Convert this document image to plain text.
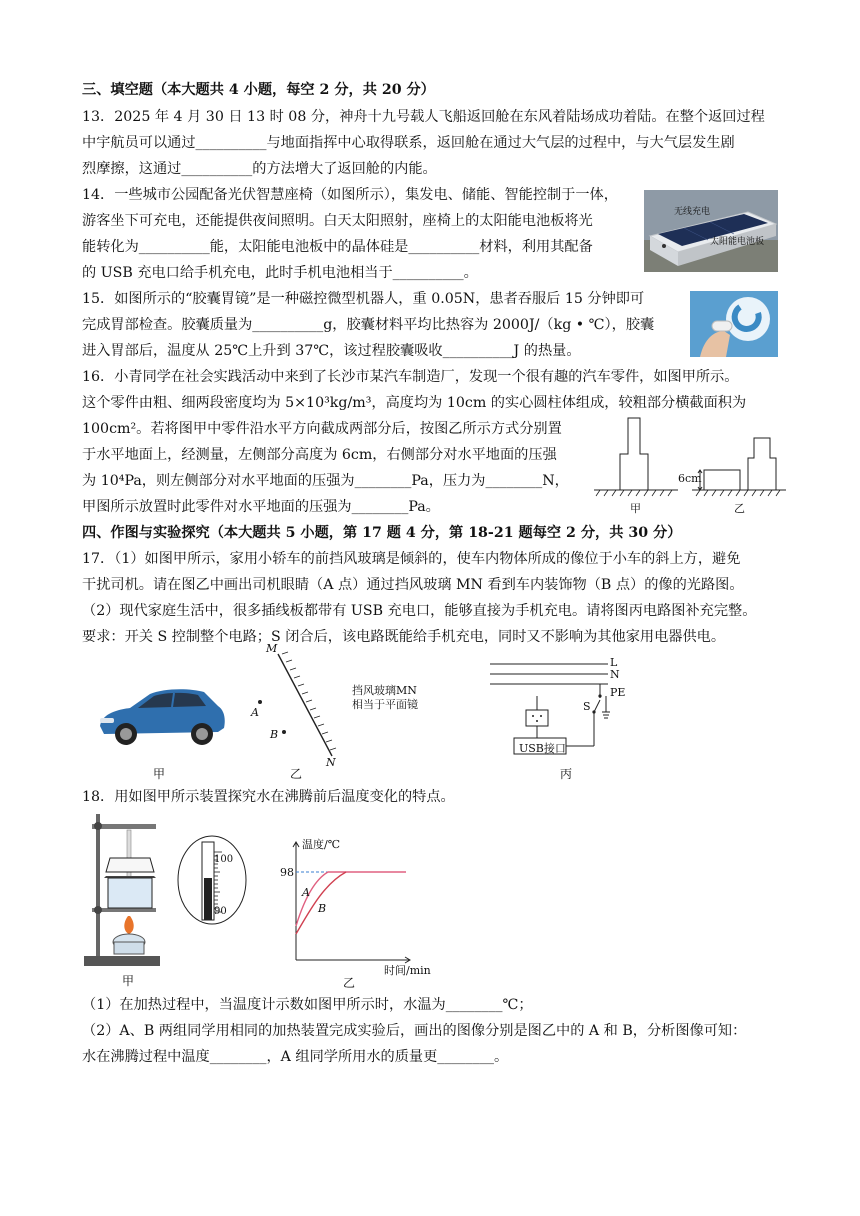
三、填空题（本大题共 4 小题，每空 2 分，共 20 分）
13．2025 年 4 月 30 日 13 时 08 分，神舟十九号载人飞船返回舱在东风着陆场成功着陆。在整个返回过程
中宇航员可以通过__________与地面指挥中心取得联系，返回舱在通过大气层的过程中，与大气层发生剧
烈摩擦，这通过__________的方法增大了返回舱的内能。
14．一些城市公园配备光伏智慧座椅（如图所示），集发电、储能、智能控制于一体，
游客坐下可充电，还能提供夜间照明。白天太阳照射，座椅上的太阳能电池板将光
能转化为__________能，太阳能电池板中的晶体硅是__________材料，利用其配备
的 USB 充电口给手机充电，此时手机电池相当于__________。
无线充电
太阳能电池板
15．如图所示的“胶囊胃镜”是一种磁控微型机器人，重 0.05N，患者吞服后 15 分钟即可
完成胃部检查。胶囊质量为__________g，胶囊材料平均比热容为 2000J/（kg • ℃），胶囊
进入胃部后，温度从 25℃上升到 37℃，该过程胶囊吸收__________J 的热量。
16．小青同学在社会实践活动中来到了长沙市某汽车制造厂，发现一个很有趣的汽车零件，如图甲所示。
这个零件由粗、细两段密度均为 5×10³kg/m³，高度均为 10cm 的实心圆柱体组成，较粗部分横截面积为
100cm²。若将图甲中零件沿水平方向截成两部分后，按图乙所示方式分别置
于水平地面上，经测量，左侧部分高度为 6cm，右侧部分对水平地面的压强
为 10⁴Pa，则左侧部分对水平地面的压强为________Pa，压力为________N，
甲图所示放置时此零件对水平地面的压强为________Pa。
6cm
甲	乙
四、作图与实验探究（本大题共 5 小题，第 17 题 4 分，第 18-21 题每空 2 分，共 30 分）
17．（1）如图甲所示，家用小轿车的前挡风玻璃是倾斜的，使车内物体所成的像位于小车的斜上方，避免
干扰司机。请在图乙中画出司机眼睛（A 点）通过挡风玻璃 MN 看到车内装饰物（B 点）的像的光路图。
（2）现代家庭生活中，很多插线板都带有 USB 充电口，能够直接为手机充电。请将图丙电路图补充完整。
要求：开关 S 控制整个电路；S 闭合后，该电路既能给手机充电，同时又不影响为其他家用电器供电。
甲
M
N
A
B
挡风玻璃MN
相当于平面镜
乙
L
N
PE
S
USB接口
丙
18．用如图甲所示装置探究水在沸腾前后温度变化的特点。
甲
100
90
温度/℃
时间/min
98
A
B
乙
（1）在加热过程中，当温度计示数如图甲所示时，水温为________℃；
（2）A、B 两组同学用相同的加热装置完成实验后，画出的图像分别是图乙中的 A 和 B，分析图像可知：
水在沸腾过程中温度________，A 组同学所用水的质量更________。
